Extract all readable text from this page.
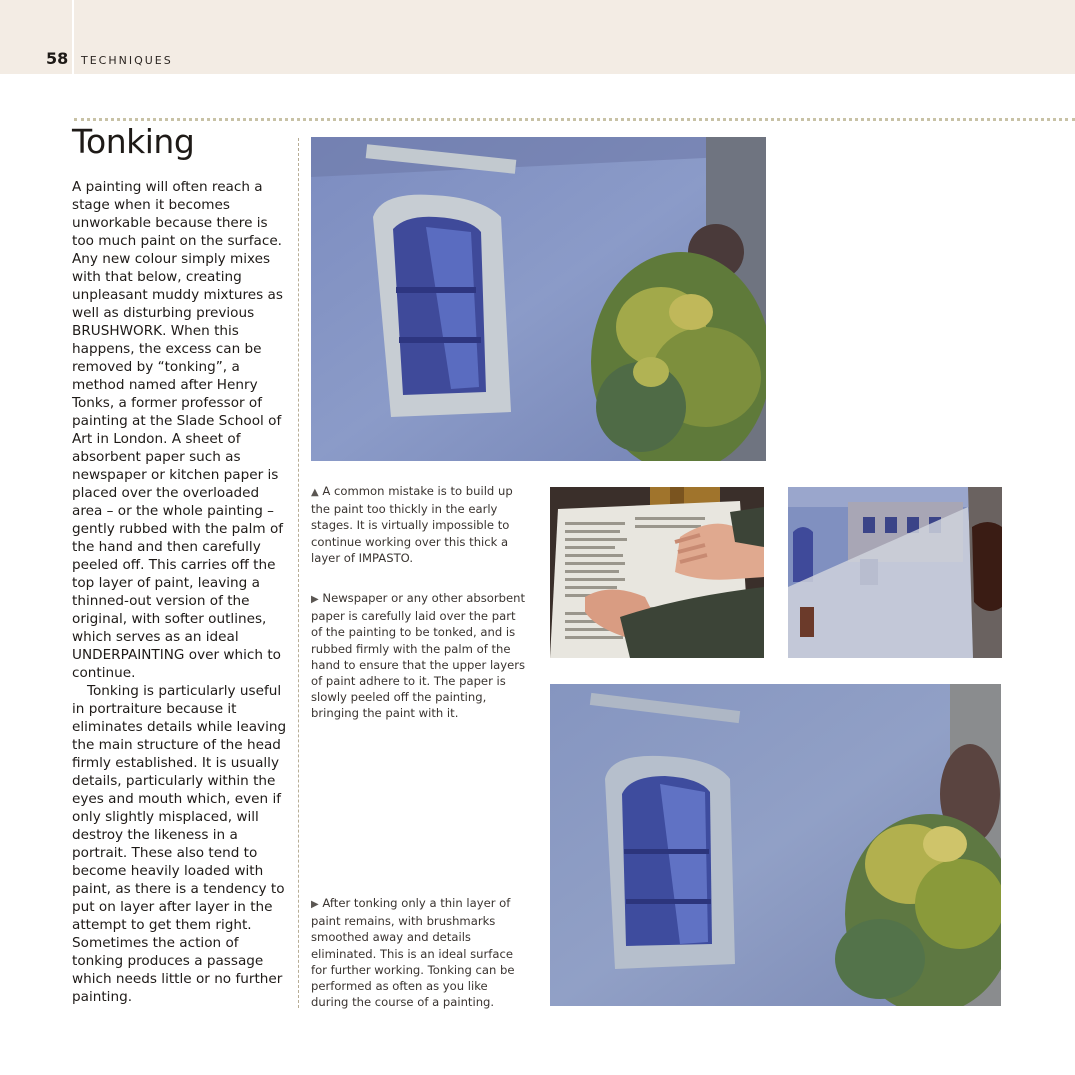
58 TECHNIQUES
Tonking

A painting will often reach a stage when it becomes unworkable because there is too much paint on the surface. Any new colour simply mixes with that below, creating unpleasant muddy mixtures as well as disturbing previous BRUSHWORK. When this happens, the excess can be removed by “tonking”, a method named after Henry Tonks, a former professor of painting at the Slade School of Art in London. A sheet of absorbent paper such as newspaper or kitchen paper is placed over the overloaded area – or the whole painting – gently rubbed with the palm of the hand and then carefully peeled off. This carries off the top layer of paint, leaving a thinned-out version of the original, with softer outlines, which serves as an ideal UNDERPAINTING over which to continue.

Tonking is particularly useful in portraiture because it eliminates details while leaving the main structure of the head firmly established. It is usually details, particularly within the eyes and mouth which, even if only slightly misplaced, will destroy the likeness in a portrait. These also tend to become heavily loaded with paint, as there is a tendency to put on layer after layer in the attempt to get them right. Sometimes the action of tonking produces a passage which needs little or no further painting.

▲ A common mistake is to build up the paint too thickly in the early stages. It is virtually impossible to continue working over this thick a layer of IMPASTO.
▶ Newspaper or any other absorbent paper is carefully laid over the part of the painting to be tonked, and is rubbed firmly with the palm of the hand to ensure that the upper layers of paint adhere to it. The paper is slowly peeled off the painting, bringing the paint with it.
▶ After tonking only a thin layer of paint remains, with brushmarks smoothed away and details eliminated. This is an ideal surface for further working. Tonking can be performed as often as you like during the course of a painting.
